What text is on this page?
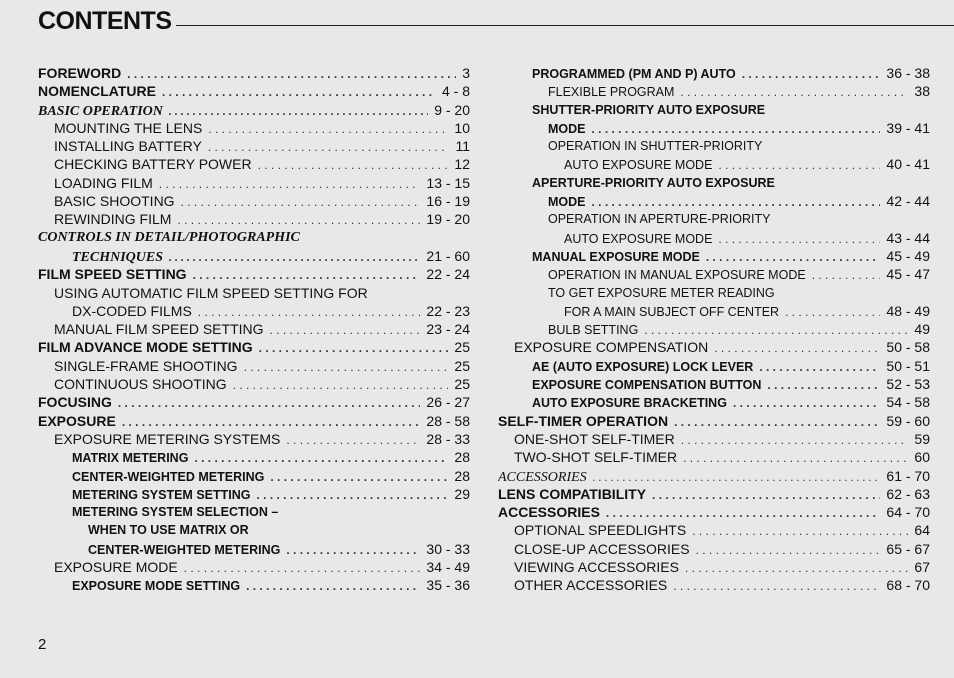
CONTENTS
FOREWORD . . .	3
NOMENCLATURE . . .	4 - 8
BASIC OPERATION . . .	9 - 20
MOUNTING THE LENS . . .	10
INSTALLING BATTERY . . .	11
CHECKING BATTERY POWER . . .	12
LOADING FILM . . .	13 - 15
BASIC SHOOTING . . .	16 - 19
REWINDING FILM . . .	19 - 20
CONTROLS IN DETAIL/PHOTOGRAPHIC
TECHNIQUES . . .	21 - 60
FILM SPEED SETTING . . .	22 - 24
USING AUTOMATIC FILM SPEED SETTING FOR
DX-CODED FILMS . . .	22 - 23
MANUAL FILM SPEED SETTING . . .	23 - 24
FILM ADVANCE MODE SETTING . . .	25
SINGLE-FRAME SHOOTING . . .	25
CONTINUOUS SHOOTING . . .	25
FOCUSING . . .	26 - 27
EXPOSURE . . .	28 - 58
EXPOSURE METERING SYSTEMS . . .	28 - 33
MATRIX METERING . . .	28
CENTER-WEIGHTED METERING . . .	28
METERING SYSTEM SETTING . . .	29
METERING SYSTEM SELECTION –
WHEN TO USE MATRIX OR
CENTER-WEIGHTED METERING . . .	30 - 33
EXPOSURE MODE . . .	34 - 49
EXPOSURE MODE SETTING . . .	35 - 36
PROGRAMMED (PM AND P) AUTO . . .	36 - 38
FLEXIBLE PROGRAM . . .	38
SHUTTER-PRIORITY AUTO EXPOSURE
MODE . . .	39 - 41
OPERATION IN SHUTTER-PRIORITY
AUTO EXPOSURE MODE . . .	40 - 41
APERTURE-PRIORITY AUTO EXPOSURE
MODE . . .	42 - 44
OPERATION IN APERTURE-PRIORITY
AUTO EXPOSURE MODE . . .	43 - 44
MANUAL EXPOSURE MODE . . .	45 - 49
OPERATION IN MANUAL EXPOSURE MODE . . .	45 - 47
TO GET EXPOSURE METER READING
FOR A MAIN SUBJECT OFF CENTER . . .	48 - 49
BULB SETTING . . .	49
EXPOSURE COMPENSATION . . .	50 - 58
AE (AUTO EXPOSURE) LOCK LEVER . . .	50 - 51
EXPOSURE COMPENSATION BUTTON . . .	52 - 53
AUTO EXPOSURE BRACKETING . . .	54 - 58
SELF-TIMER OPERATION . . .	59 - 60
ONE-SHOT SELF-TIMER . . .	59
TWO-SHOT SELF-TIMER . . .	60
ACCESSORIES . . .	61 - 70
LENS COMPATIBILITY . . .	62 - 63
ACCESSORIES . . .	64 - 70
OPTIONAL SPEEDLIGHTS . . .	64
CLOSE-UP ACCESSORIES . . .	65 - 67
VIEWING ACCESSORIES . . .	67
OTHER ACCESSORIES . . .	68 - 70
2
